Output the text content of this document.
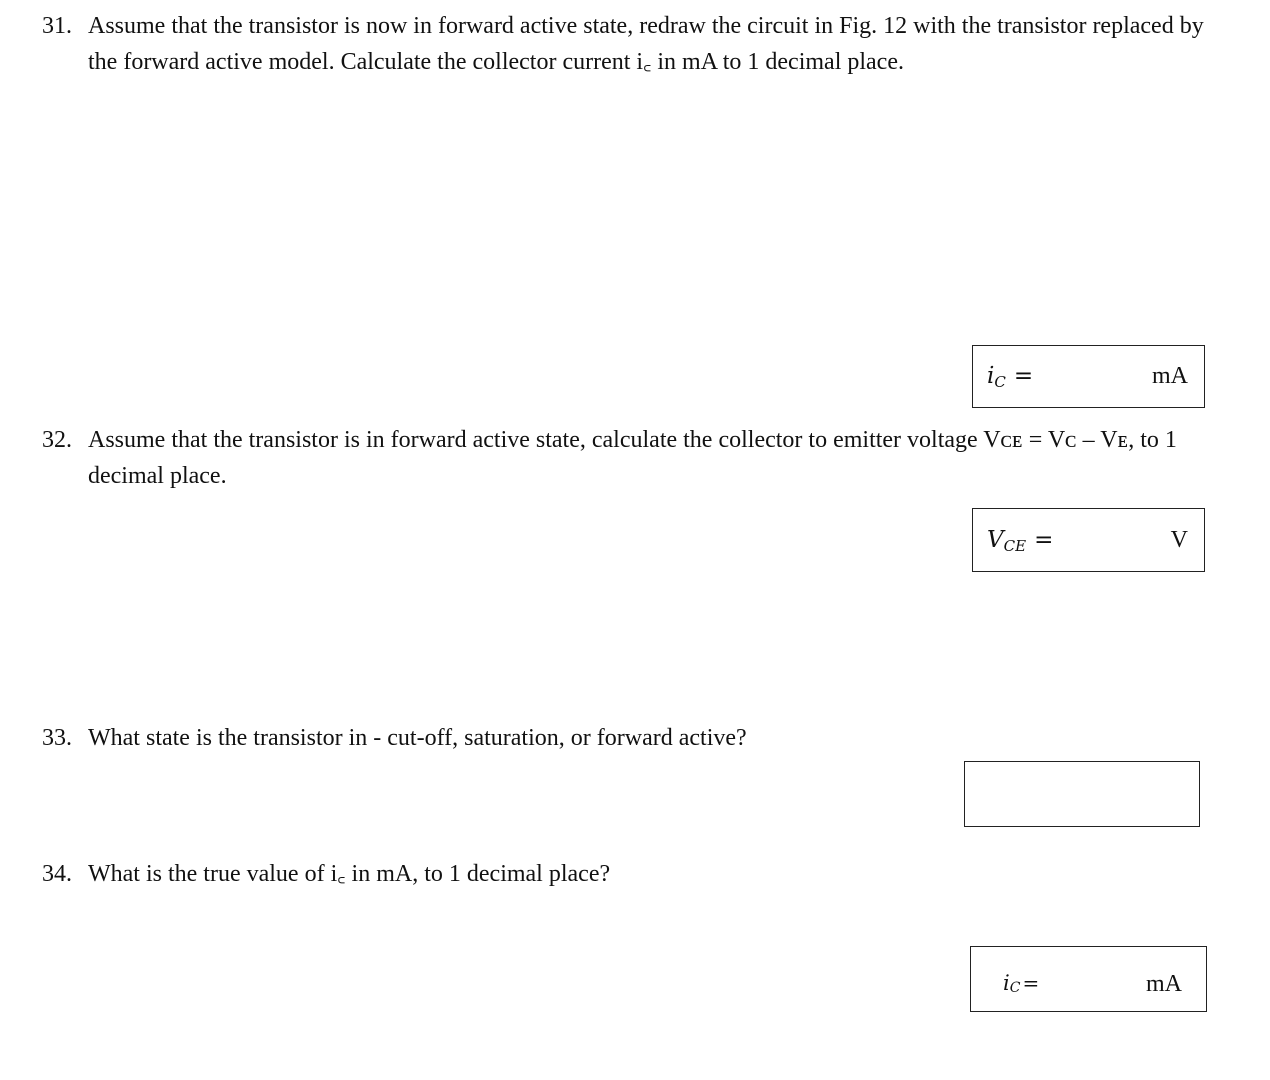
31. Assume that the transistor is now in forward active state, redraw the circuit in Fig. 12 with the transistor replaced by the forward active model. Calculate the collector current i꜀ in mA to 1 decimal place.
$i_C$ =	mA
32. Assume that the transistor is in forward active state, calculate the collector to emitter voltage Vᴄᴇ = Vᴄ – Vᴇ, to 1 decimal place.
$V_{CE}$ =	V
33. What state is the transistor in - cut-off, saturation, or forward active?
34. What is the true value of i꜀ in mA, to 1 decimal place?
$i_C$ =	mA
